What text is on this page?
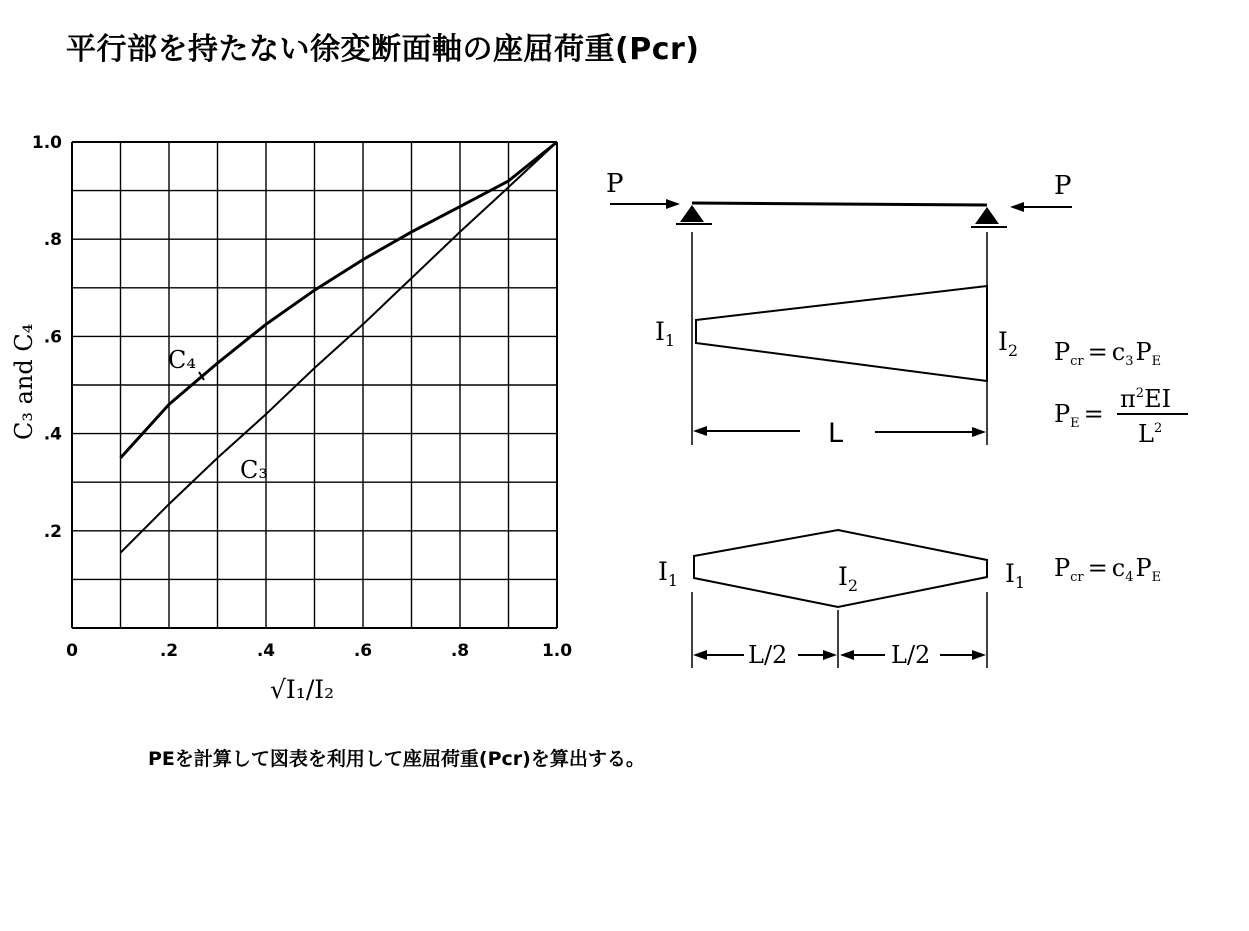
平行部を持たない徐変断面軸の座屈荷重(Pcr)
PEを計算して図表を利用して座屈荷重(Pcr)を算出する。
0	.2	.4	.6	.8	1.0
.2
.4
.6
.8
1.0
C₄
C₃
√I₁/I₂
C₃ and C₄
P	P
$I_1$	$I_2$
L
$P_{cr} = c_3P_E$
$P_E$ =
$\pi^2EI$
$L^2$
$I_1$	$I_2$	$I_1$
$P_{cr} = c_4P_E$
L/2	L/2
